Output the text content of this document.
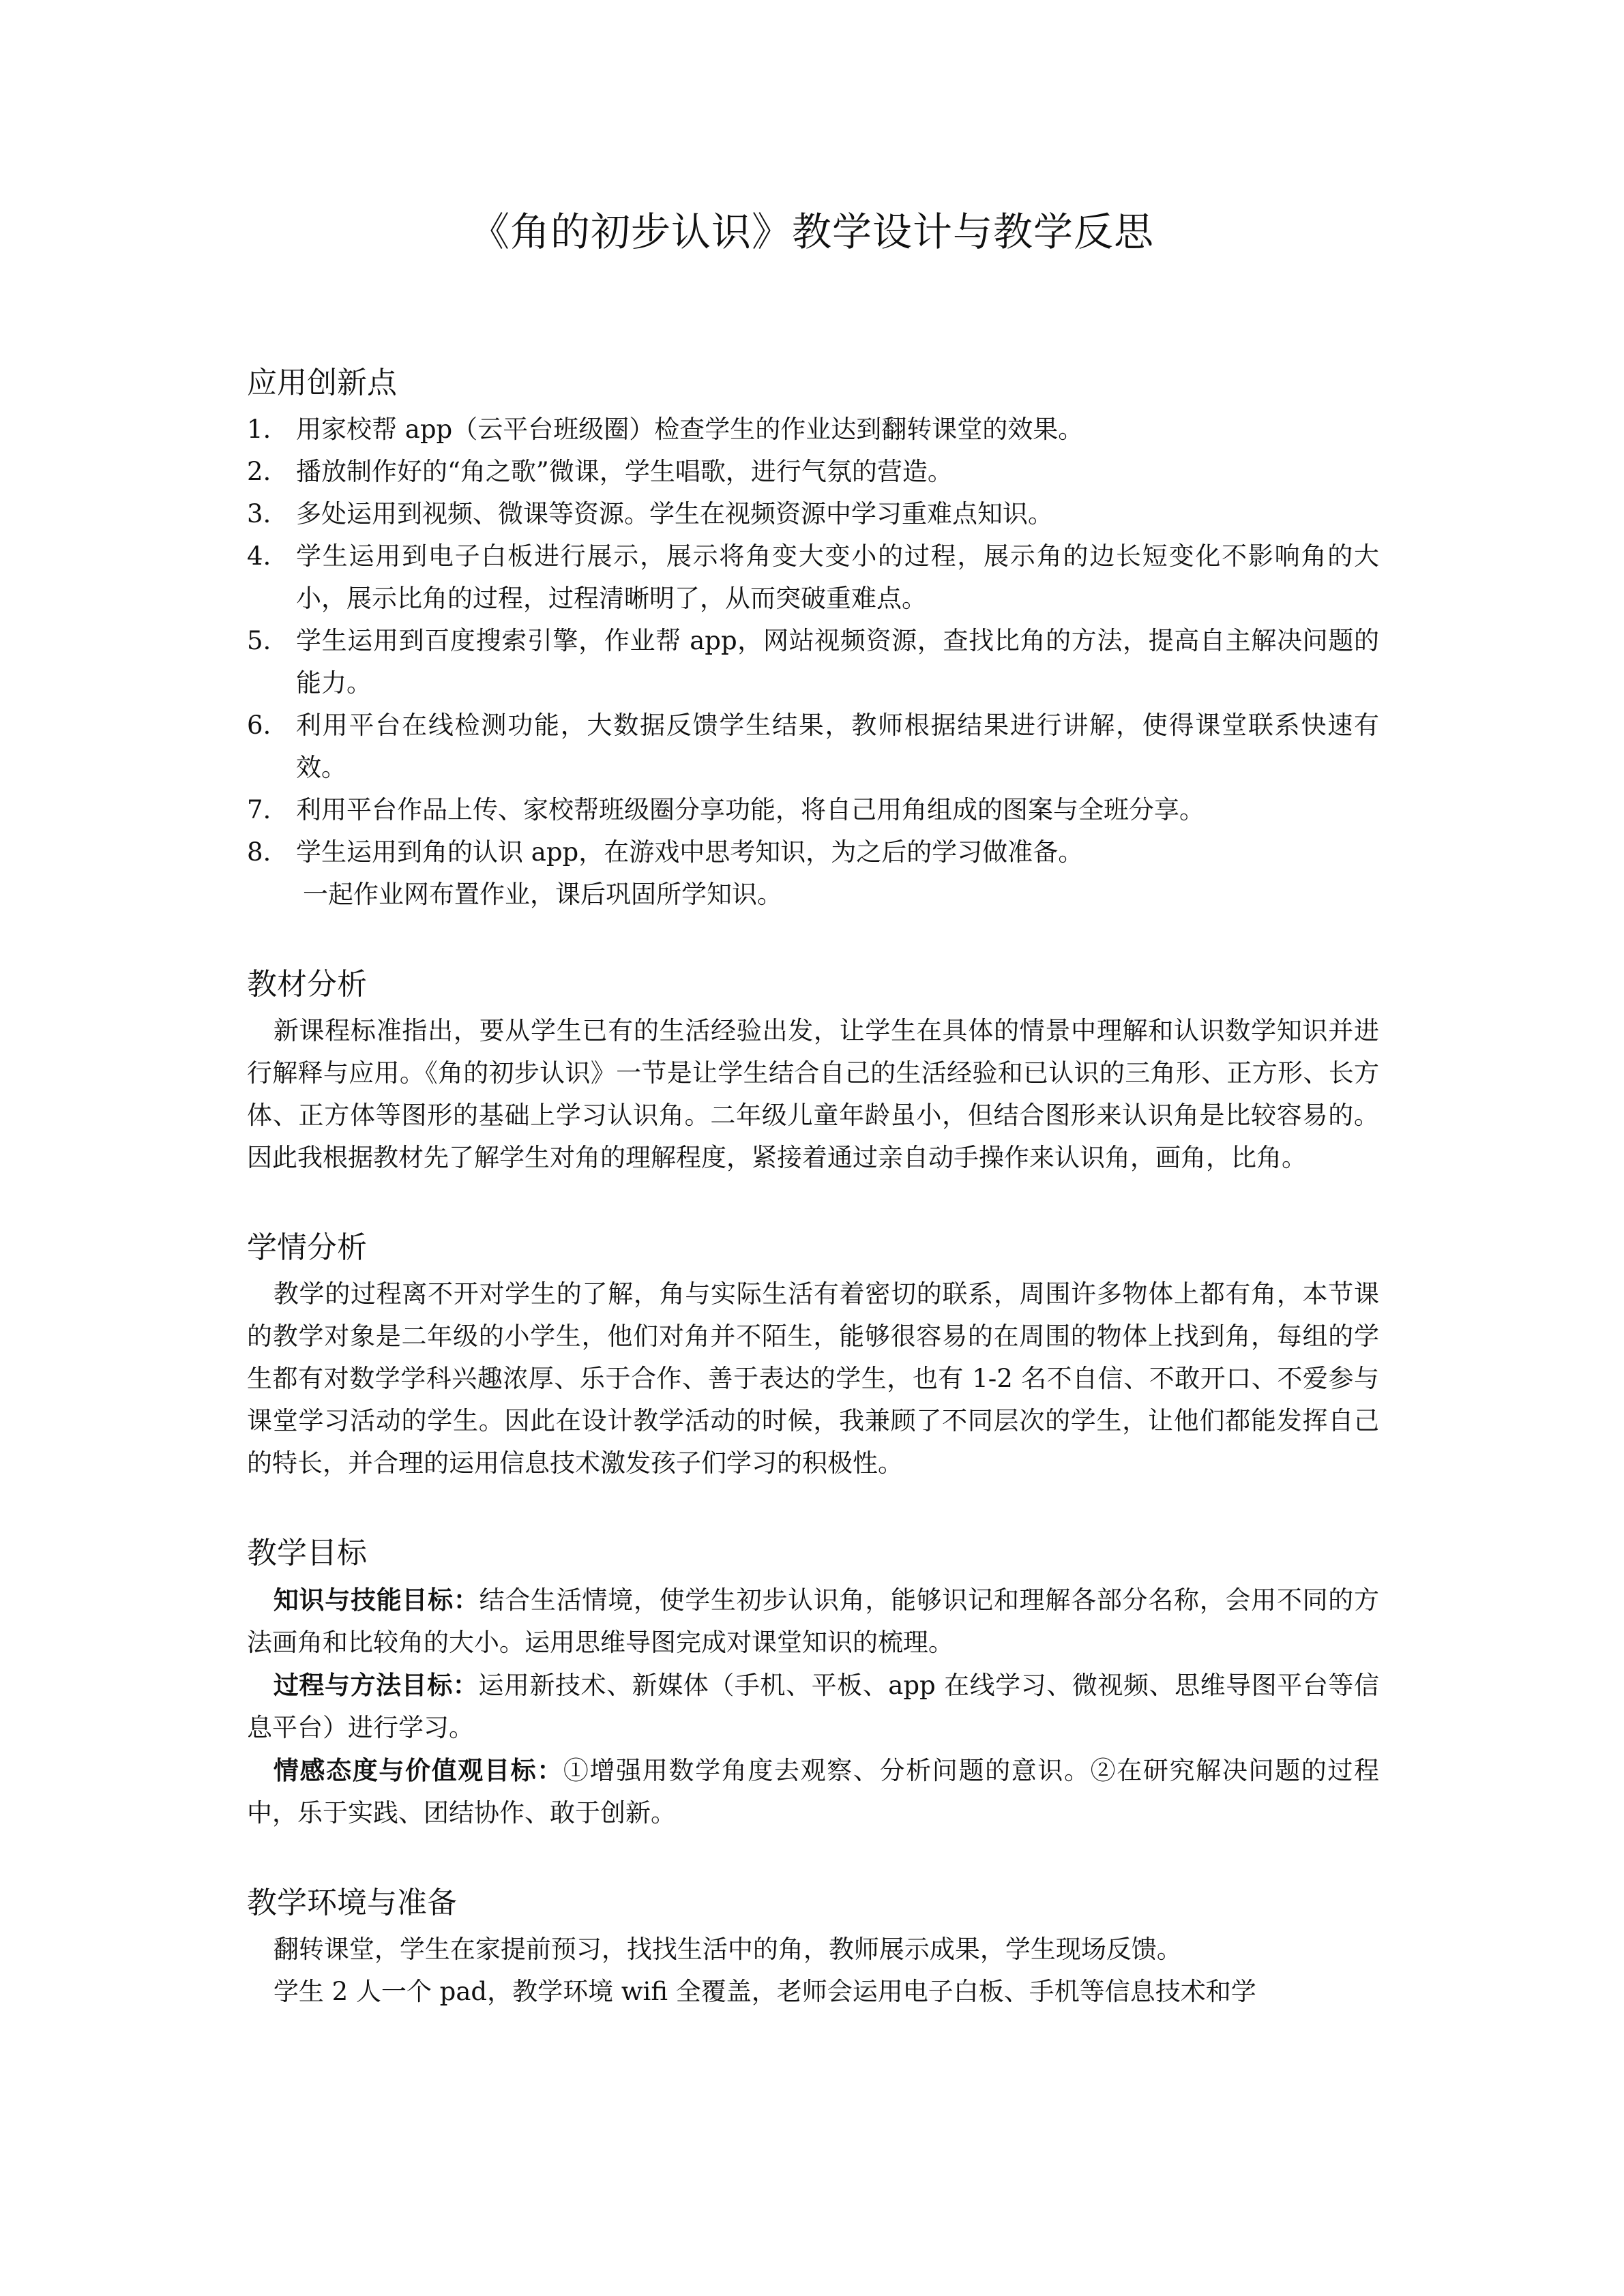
《角的初步认识》教学设计与教学反思
应用创新点
1. 用家校帮 app（云平台班级圈）检查学生的作业达到翻转课堂的效果。
2. 播放制作好的“角之歌”微课，学生唱歌，进行气氛的营造。
3. 多处运用到视频、微课等资源。学生在视频资源中学习重难点知识。
4. 学生运用到电子白板进行展示，展示将角变大变小的过程，展示角的边长短变化不影响角的大小，展示比角的过程，过程清晰明了，从而突破重难点。
5. 学生运用到百度搜索引擎，作业帮 app，网站视频资源，查找比角的方法，提高自主解决问题的能力。
6. 利用平台在线检测功能，大数据反馈学生结果，教师根据结果进行讲解，使得课堂联系快速有效。
7. 利用平台作品上传、家校帮班级圈分享功能，将自己用角组成的图案与全班分享。
8. 学生运用到角的认识 app，在游戏中思考知识，为之后的学习做准备。
一起作业网布置作业，课后巩固所学知识。
教材分析

新课程标准指出，要从学生已有的生活经验出发，让学生在具体的情景中理解和认识数学知识并进行解释与应用。《角的初步认识》一节是让学生结合自己的生活经验和已认识的三角形、正方形、长方体、正方体等图形的基础上学习认识角。二年级儿童年龄虽小，但结合图形来认识角是比较容易的。因此我根据教材先了解学生对角的理解程度，紧接着通过亲自动手操作来认识角，画角，比角。

学情分析

教学的过程离不开对学生的了解，角与实际生活有着密切的联系，周围许多物体上都有角，本节课的教学对象是二年级的小学生，他们对角并不陌生，能够很容易的在周围的物体上找到角，每组的学生都有对数学学科兴趣浓厚、乐于合作、善于表达的学生，也有 1-2 名不自信、不敢开口、不爱参与课堂学习活动的学生。因此在设计教学活动的时候，我兼顾了不同层次的学生，让他们都能发挥自己的特长，并合理的运用信息技术激发孩子们学习的积极性。

教学目标

知识与技能目标：结合生活情境，使学生初步认识角，能够识记和理解各部分名称，会用不同的方法画角和比较角的大小。运用思维导图完成对课堂知识的梳理。

过程与方法目标：运用新技术、新媒体（手机、平板、app 在线学习、微视频、思维导图平台等信息平台）进行学习。

情感态度与价值观目标：①增强用数学角度去观察、分析问题的意识。②在研究解决问题的过程中，乐于实践、团结协作、敢于创新。

教学环境与准备

翻转课堂，学生在家提前预习，找找生活中的角，教师展示成果，学生现场反馈。

学生 2 人一个 pad，教学环境 wifi 全覆盖，老师会运用电子白板、手机等信息技术和学
